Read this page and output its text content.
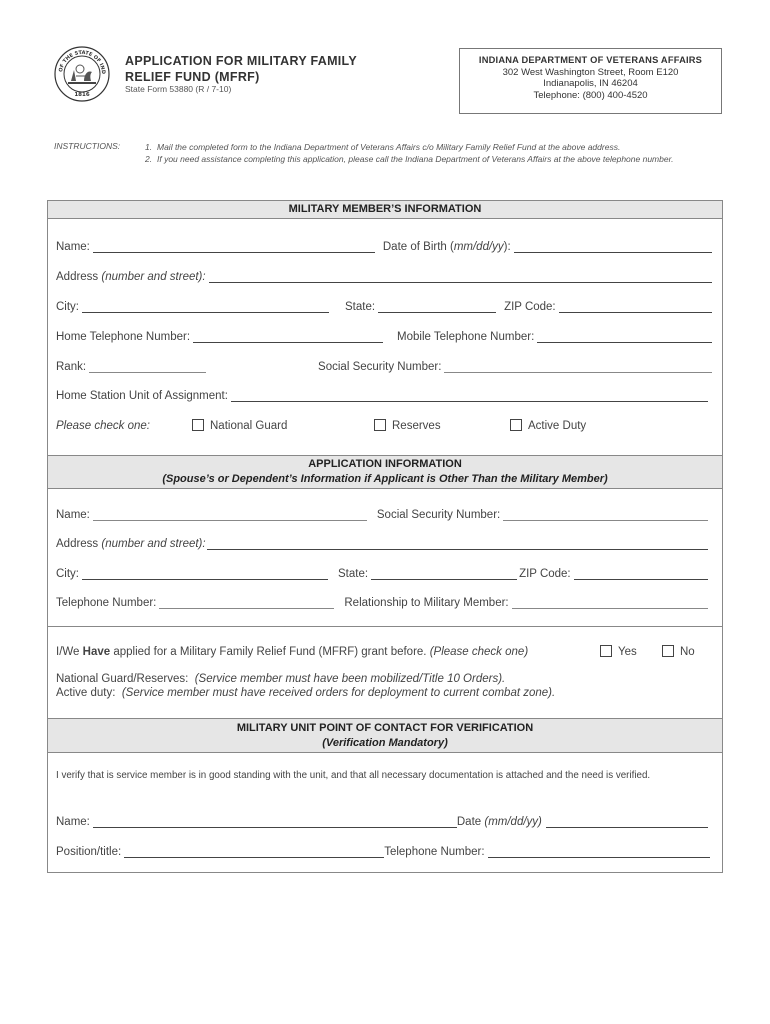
OF THE STATE OF IND
1816
APPLICATION FOR MILITARY FAMILY
RELIEF FUND (MFRF)
State Form 53880 (R / 7-10)
INDIANA DEPARTMENT OF VETERANS AFFAIRS
302 West Washington Street, Room E120
Indianapolis, IN 46204
Telephone: (800) 400-4520
INSTRUCTIONS:	1. Mail the completed form to the Indiana Department of Veterans Affairs c/o Military Family Relief Fund at the above address.
2. If you need assistance completing this application, please call the Indiana Department of Veterans Affairs at the above telephone number.
MILITARY MEMBER’S INFORMATION
Name:	Date of Birth (mm/dd/yy):
Address (number and street):
City:	State:	ZIP Code:
Home Telephone Number:	Mobile Telephone Number:
Rank:	Social Security Number:
Home Station Unit of Assignment:
Please check one:	National Guard	Reserves	Active Duty
APPLICATION INFORMATION
(Spouse’s or Dependent’s Information if Applicant is Other Than the Military Member)
Name:	Social Security Number:
Address (number and street):
City:	State:	ZIP Code:
Telephone Number:	Relationship to Military Member:
I/We Have applied for a Military Family Relief Fund (MFRF) grant before. (Please check one)	Yes	No
National Guard/Reserves: (Service member must have been mobilized/Title 10 Orders).
Active duty: (Service member must have received orders for deployment to current combat zone).
MILITARY UNIT POINT OF CONTACT FOR VERIFICATION
(Verification Mandatory)
I verify that is service member is in good standing with the unit, and that all necessary documentation is attached and the need is verified.
Name:	Date (mm/dd/yy)
Position/title:	Telephone Number:
